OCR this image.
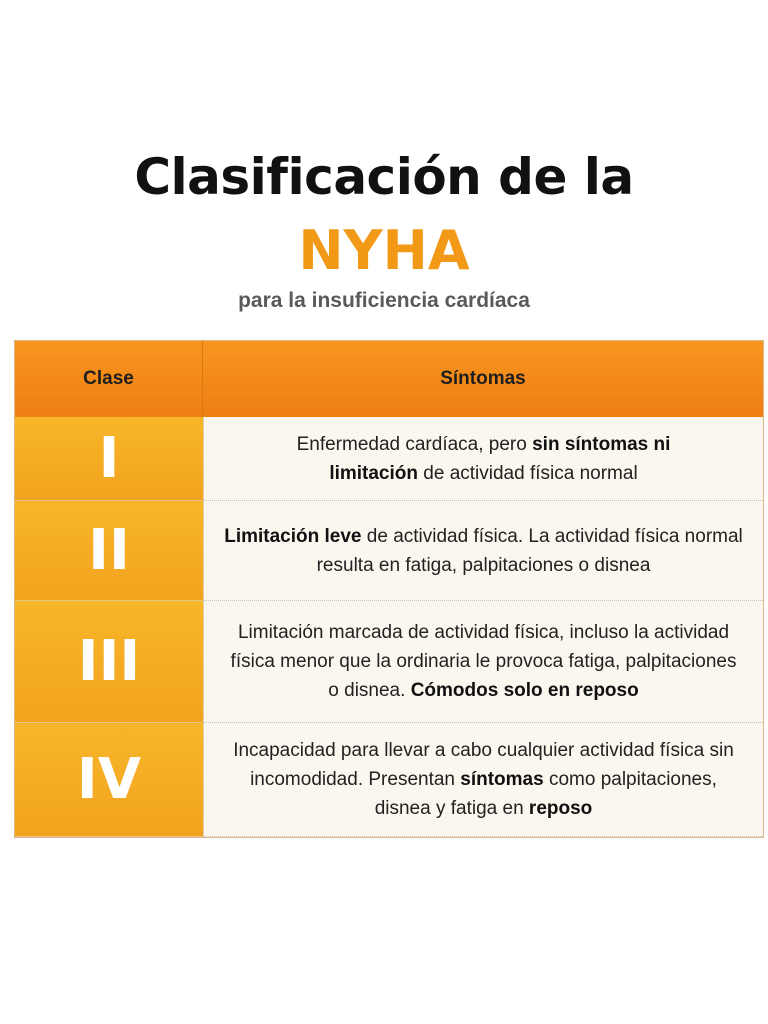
Clasificación de la
NYHA
para la insuficiencia cardíaca
Clase	Síntomas
I	Enfermedad cardíaca, pero sin síntomas ni limitación de actividad física normal
II	Limitación leve de actividad física. La actividad física normal resulta en fatiga, palpitaciones o disnea
III	Limitación marcada de actividad física, incluso la actividad física menor que la ordinaria le provoca fatiga, palpitaciones o disnea. Cómodos solo en reposo
IV	Incapacidad para llevar a cabo cualquier actividad física sin incomodidad. Presentan síntomas como palpitaciones, disnea y fatiga en reposo
